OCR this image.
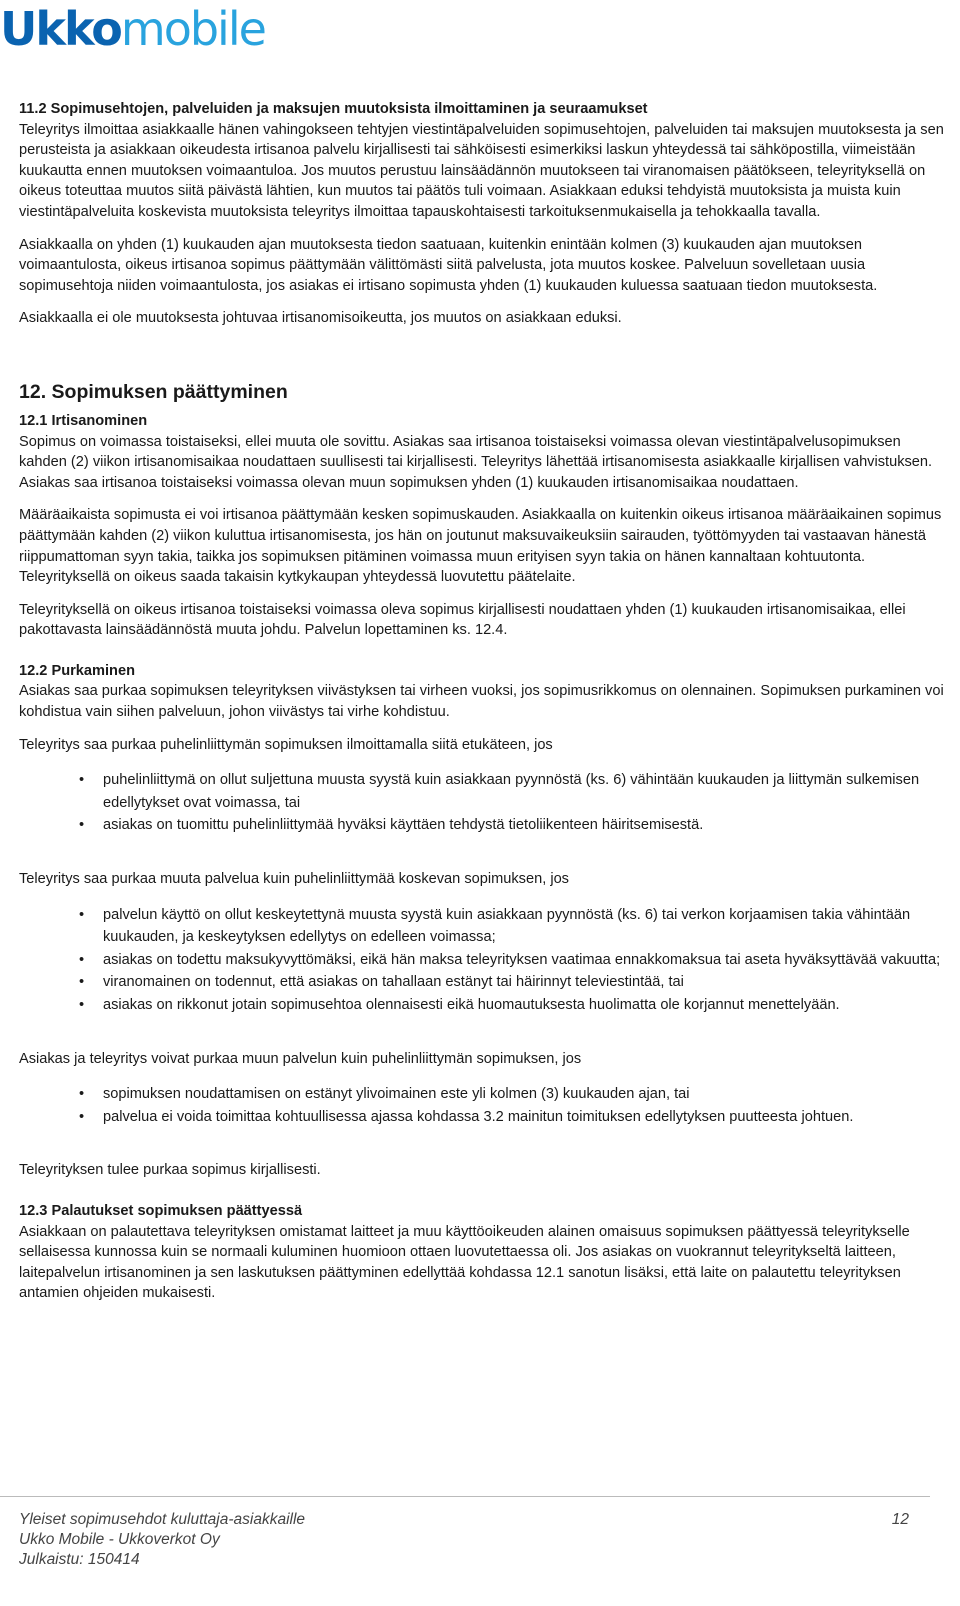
Ukkomobile

11.2 Sopimusehtojen, palveluiden ja maksujen muutoksista ilmoittaminen ja seuraamukset

Teleyritys ilmoittaa asiakkaalle hänen vahingokseen tehtyjen viestintäpalveluiden sopimusehtojen, palveluiden tai maksujen muutoksesta ja sen perusteista ja asiakkaan oikeudesta irtisanoa palvelu kirjallisesti tai sähköisesti esimerkiksi laskun yhteydessä tai sähköpostilla, viimeistään kuukautta ennen muutoksen voimaantuloa. Jos muutos perustuu lainsäädännön muutokseen tai viranomaisen päätökseen, teleyrityksellä on oikeus toteuttaa muutos siitä päivästä lähtien, kun muutos tai päätös tuli voimaan. Asiakkaan eduksi tehdyistä muutoksista ja muista kuin viestintäpalveluita koskevista muutoksista teleyritys ilmoittaa tapauskohtaisesti tarkoituksenmukaisella ja tehokkaalla tavalla.

Asiakkaalla on yhden (1) kuukauden ajan muutoksesta tiedon saatuaan, kuitenkin enintään kolmen (3) kuukauden ajan muutoksen voimaantulosta, oikeus irtisanoa sopimus päättymään välittömästi siitä palvelusta, jota muutos koskee. Palveluun sovelletaan uusia sopimusehtoja niiden voimaantulosta, jos asiakas ei irtisano sopimusta yhden (1) kuukauden kuluessa saatuaan tiedon muutoksesta.

Asiakkaalla ei ole muutoksesta johtuvaa irtisanomisoikeutta, jos muutos on asiakkaan eduksi.

12. Sopimuksen päättyminen

12.1 Irtisanominen

Sopimus on voimassa toistaiseksi, ellei muuta ole sovittu. Asiakas saa irtisanoa toistaiseksi voimassa olevan viestintäpalvelusopimuksen kahden (2) viikon irtisanomisaikaa noudattaen suullisesti tai kirjallisesti. Teleyritys lähettää irtisanomisesta asiakkaalle kirjallisen vahvistuksen. Asiakas saa irtisanoa toistaiseksi voimassa olevan muun sopimuksen yhden (1) kuukauden irtisanomisaikaa noudattaen.

Määräaikaista sopimusta ei voi irtisanoa päättymään kesken sopimuskauden. Asiakkaalla on kuitenkin oikeus irtisanoa määräaikainen sopimus päättymään kahden (2) viikon kuluttua irtisanomisesta, jos hän on joutunut maksuvaikeuksiin sairauden, työttömyyden tai vastaavan hänestä riippumattoman syyn takia, taikka jos sopimuksen pitäminen voimassa muun erityisen syyn takia on hänen kannaltaan kohtuutonta. Teleyrityksellä on oikeus saada takaisin kytkykaupan yhteydessä luovutettu päätelaite.

Teleyrityksellä on oikeus irtisanoa toistaiseksi voimassa oleva sopimus kirjallisesti noudattaen yhden (1) kuukauden irtisanomisaikaa, ellei pakottavasta lainsäädännöstä muuta johdu. Palvelun lopettaminen ks. 12.4.

12.2 Purkaminen

Asiakas saa purkaa sopimuksen teleyrityksen viivästyksen tai virheen vuoksi, jos sopimusrikkomus on olennainen. Sopimuksen purkaminen voi kohdistua vain siihen palveluun, johon viivästys tai virhe kohdistuu.

Teleyritys saa purkaa puhelinliittymän sopimuksen ilmoittamalla siitä etukäteen, jos

• puhelinliittymä on ollut suljettuna muusta syystä kuin asiakkaan pyynnöstä (ks. 6) vähintään kuukauden ja liittymän sulkemisen edellytykset ovat voimassa, tai
• asiakas on tuomittu puhelinliittymää hyväksi käyttäen tehdystä tietoliikenteen häiritsemisestä.

Teleyritys saa purkaa muuta palvelua kuin puhelinliittymää koskevan sopimuksen, jos

• palvelun käyttö on ollut keskeytettynä muusta syystä kuin asiakkaan pyynnöstä (ks. 6) tai verkon korjaamisen takia vähintään kuukauden, ja keskeytyksen edellytys on edelleen voimassa;
• asiakas on todettu maksukyvyttömäksi, eikä hän maksa teleyrityksen vaatimaa ennakkomaksua tai aseta hyväksyttävää vakuutta;
• viranomainen on todennut, että asiakas on tahallaan estänyt tai häirinnyt televiestintää, tai
• asiakas on rikkonut jotain sopimusehtoa olennaisesti eikä huomautuksesta huolimatta ole korjannut menettelyään.

Asiakas ja teleyritys voivat purkaa muun palvelun kuin puhelinliittymän sopimuksen, jos

• sopimuksen noudattamisen on estänyt ylivoimainen este yli kolmen (3) kuukauden ajan, tai
• palvelua ei voida toimittaa kohtuullisessa ajassa kohdassa 3.2 mainitun toimituksen edellytyksen puutteesta johtuen.

Teleyrityksen tulee purkaa sopimus kirjallisesti.

12.3 Palautukset sopimuksen päättyessä

Asiakkaan on palautettava teleyrityksen omistamat laitteet ja muu käyttöoikeuden alainen omaisuus sopimuksen päättyessä teleyritykselle sellaisessa kunnossa kuin se normaali kuluminen huomioon ottaen luovutettaessa oli. Jos asiakas on vuokrannut teleyritykseltä laitteen, laitepalvelun irtisanominen ja sen laskutuksen päättyminen edellyttää kohdassa 12.1 sanotun lisäksi, että laite on palautettu teleyrityksen antamien ohjeiden mukaisesti.

Yleiset sopimusehdot kuluttaja-asiakkaille
Ukko Mobile - Ukkoverkot Oy
Julkaistu: 150414
12
